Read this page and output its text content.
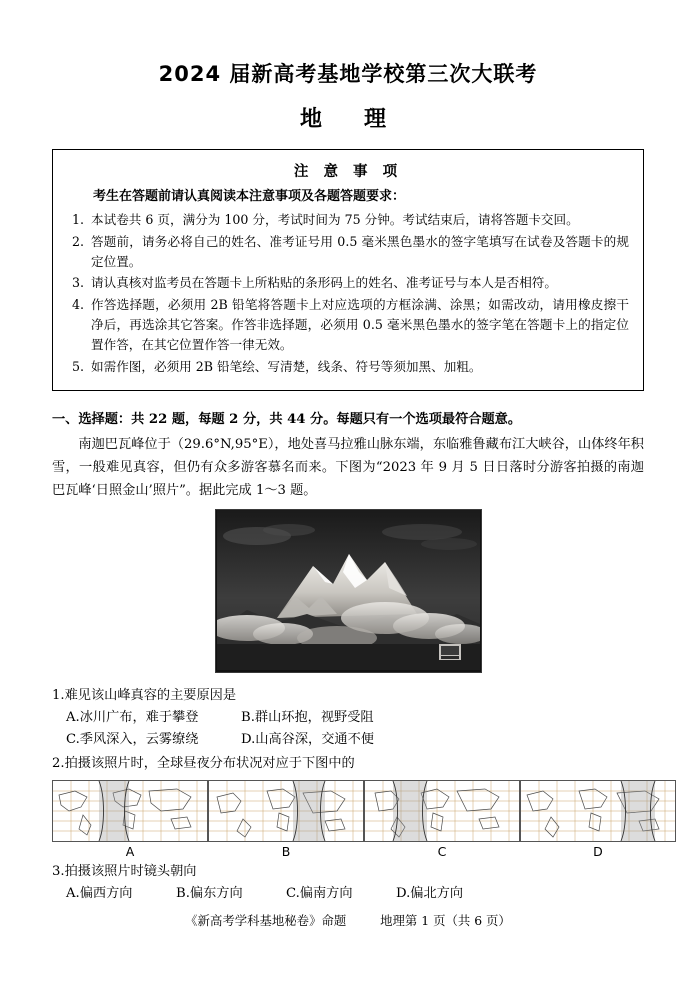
2024 届新高考基地学校第三次大联考
地　理
注 意 事 项
考生在答题前请认真阅读本注意事项及各题答题要求：
1. 本试卷共 6 页，满分为 100 分，考试时间为 75 分钟。考试结束后，请将答题卡交回。
2. 答题前，请务必将自己的姓名、准考证号用 0.5 毫米黑色墨水的签字笔填写在试卷及答题卡的规定位置。
3. 请认真核对监考员在答题卡上所粘贴的条形码上的姓名、准考证号与本人是否相符。
4. 作答选择题，必须用 2B 铅笔将答题卡上对应选项的方框涂满、涂黑；如需改动，请用橡皮擦干净后，再选涂其它答案。作答非选择题，必须用 0.5 毫米黑色墨水的签字笔在答题卡上的指定位置作答，在其它位置作答一律无效。
5. 如需作图，必须用 2B 铅笔绘、写清楚，线条、符号等须加黑、加粗。
一、选择题：共 22 题，每题 2 分，共 44 分。每题只有一个选项最符合题意。
南迦巴瓦峰位于（29.6°N,95°E），地处喜马拉雅山脉东端，东临雅鲁藏布江大峡谷，山体终年积雪，一般难见真容，但仍有众多游客慕名而来。下图为“2023 年 9 月 5 日日落时分游客拍摄的南迦巴瓦峰‘日照金山’照片”。据此完成 1～3 题。
1.难见该山峰真容的主要原因是
A.冰川广布，难于攀登	B.群山环抱，视野受阻
C.季风深入，云雾缭绕	D.山高谷深，交通不便
2.拍摄该照片时，全球昼夜分布状况对应于下图中的
A	B	C	D
3.拍摄该照片时镜头朝向
A.偏西方向	B.偏东方向	C.偏南方向	D.偏北方向
《新高考学科基地秘卷》命题	地理第 1 页（共 6 页）
